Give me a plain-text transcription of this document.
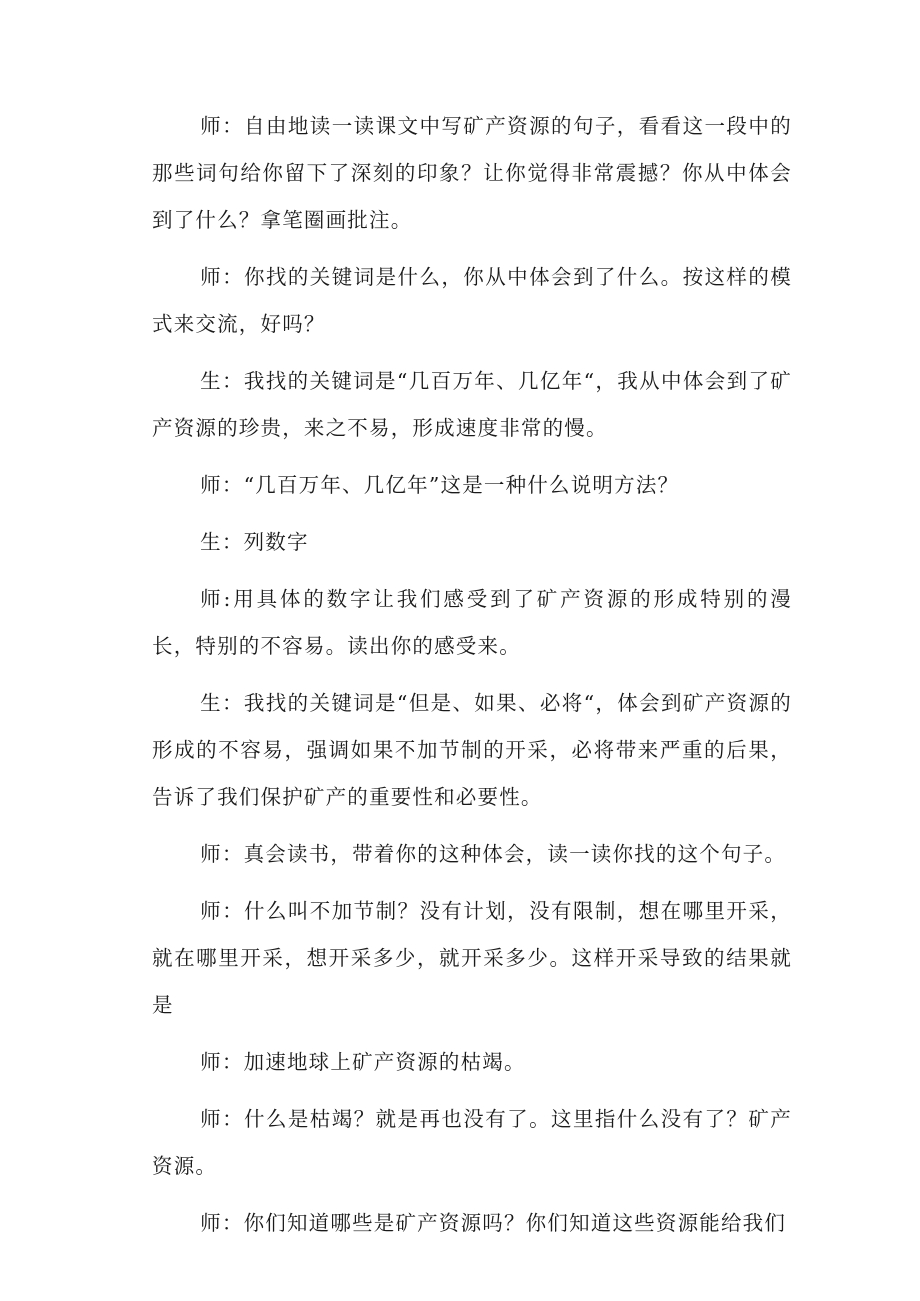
师：自由地读一读课文中写矿产资源的句子，看看这一段中的那些词句给你留下了深刻的印象？让你觉得非常震撼？你从中体会到了什么？拿笔圈画批注。

师：你找的关键词是什么，你从中体会到了什么。按这样的模式来交流，好吗？

生：我找的关键词是“几百万年、几亿年“，我从中体会到了矿产资源的珍贵，来之不易，形成速度非常的慢。

师：“几百万年、几亿年”这是一种什么说明方法？

生：列数字

师:用具体的数字让我们感受到了矿产资源的形成特别的漫长，特别的不容易。读出你的感受来。

生：我找的关键词是“但是、如果、必将“，体会到矿产资源的形成的不容易，强调如果不加节制的开采，必将带来严重的后果，告诉了我们保护矿产的重要性和必要性。

师：真会读书，带着你的这种体会，读一读你找的这个句子。

师：什么叫不加节制？没有计划，没有限制，想在哪里开采，就在哪里开采，想开采多少，就开采多少。这样开采导致的结果就是

师：加速地球上矿产资源的枯竭。

师：什么是枯竭？就是再也没有了。这里指什么没有了？矿产资源。

师：你们知道哪些是矿产资源吗？你们知道这些资源能给我们
